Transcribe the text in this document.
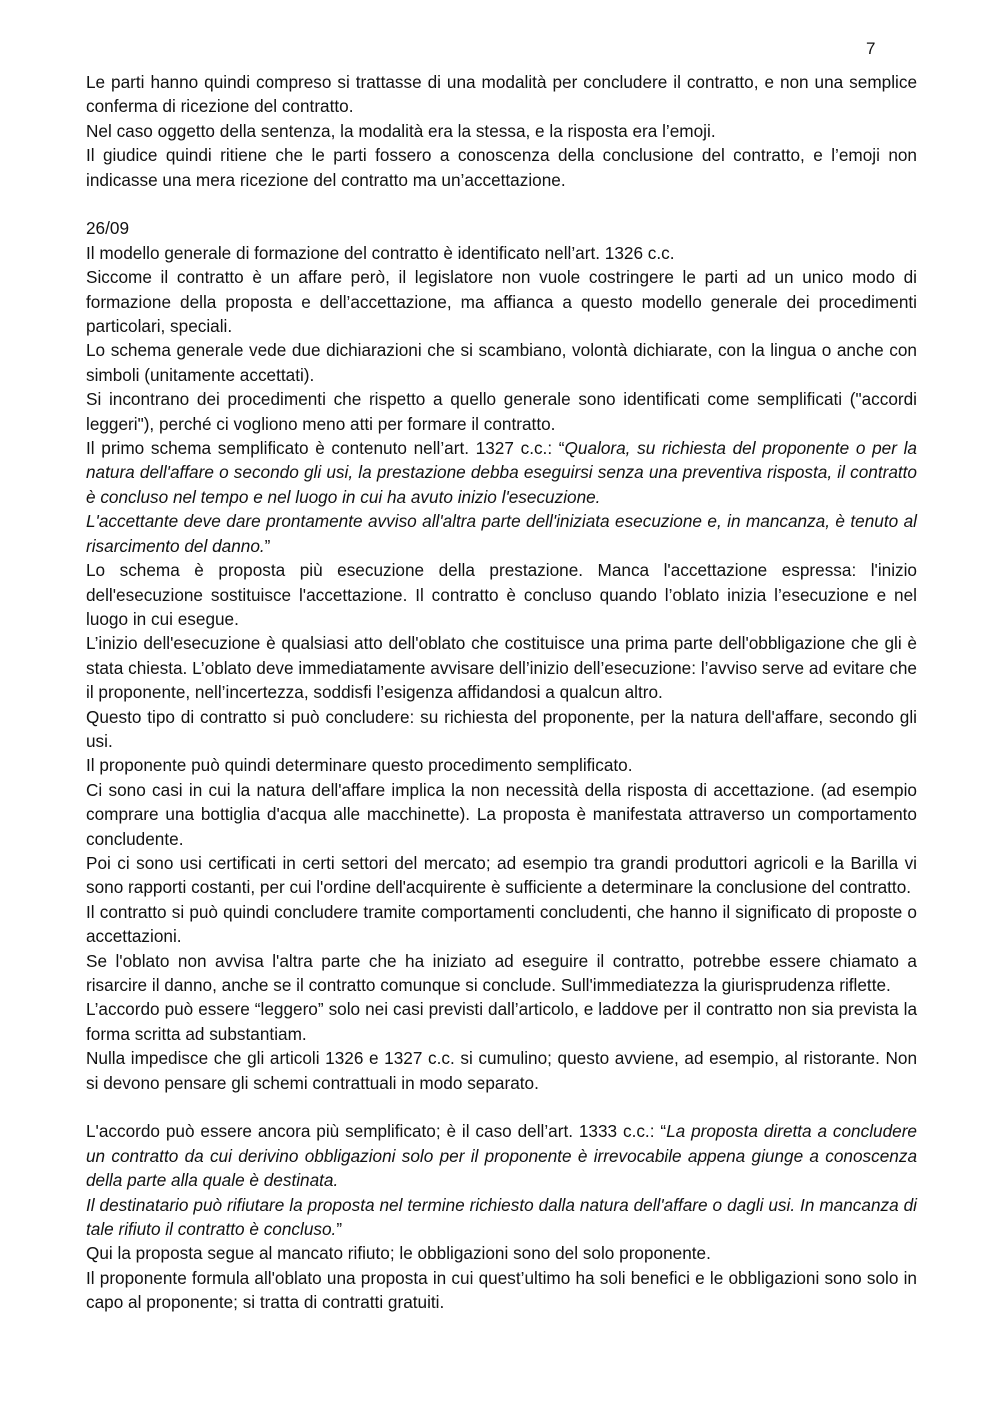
7

Le parti hanno quindi compreso si trattasse di una modalità per concludere il contratto, e non una semplice conferma di ricezione del contratto.

Nel caso oggetto della sentenza, la modalità era la stessa, e la risposta era l’emoji.

Il giudice quindi ritiene che le parti fossero a conoscenza della conclusione del contratto, e l’emoji non indicasse una mera ricezione del contratto ma un’accettazione.

26/09

Il modello generale di formazione del contratto è identificato nell’art. 1326 c.c.

Siccome il contratto è un affare però, il legislatore non vuole costringere le parti ad un unico modo di formazione della proposta e dell’accettazione, ma affianca a questo modello generale dei procedimenti particolari, speciali.

Lo schema generale vede due dichiarazioni che si scambiano, volontà dichiarate, con la lingua o anche con simboli (unitamente accettati).

Si incontrano dei procedimenti che rispetto a quello generale sono identificati come semplificati ("accordi leggeri"), perché ci vogliono meno atti per formare il contratto.

Il primo schema semplificato è contenuto nell’art. 1327 c.c.: “Qualora, su richiesta del proponente o per la natura dell'affare o secondo gli usi, la prestazione debba eseguirsi senza una preventiva risposta, il contratto è concluso nel tempo e nel luogo in cui ha avuto inizio l'esecuzione.

L'accettante deve dare prontamente avviso all'altra parte dell'iniziata esecuzione e, in mancanza, è tenuto al risarcimento del danno.”

Lo schema è proposta più esecuzione della prestazione. Manca l'accettazione espressa: l'inizio dell'esecuzione sostituisce l'accettazione. Il contratto è concluso quando l’oblato inizia l’esecuzione e nel luogo in cui esegue.

L’inizio dell'esecuzione è qualsiasi atto dell'oblato che costituisce una prima parte dell'obbligazione che gli è stata chiesta. L’oblato deve immediatamente avvisare dell’inizio dell’esecuzione: l’avviso serve ad evitare che il proponente, nell’incertezza, soddisfi l’esigenza affidandosi a qualcun altro.

Questo tipo di contratto si può concludere: su richiesta del proponente, per la natura dell'affare, secondo gli usi.

Il proponente può quindi determinare questo procedimento semplificato.

Ci sono casi in cui la natura dell'affare implica la non necessità della risposta di accettazione. (ad esempio comprare una bottiglia d'acqua alle macchinette). La proposta è manifestata attraverso un comportamento concludente.

Poi ci sono usi certificati in certi settori del mercato; ad esempio tra grandi produttori agricoli e la Barilla vi sono rapporti costanti, per cui l'ordine dell'acquirente è sufficiente a determinare la conclusione del contratto.

Il contratto si può quindi concludere tramite comportamenti concludenti, che hanno il significato di proposte o accettazioni.

Se l'oblato non avvisa l'altra parte che ha iniziato ad eseguire il contratto, potrebbe essere chiamato a risarcire il danno, anche se il contratto comunque si conclude. Sull'immediatezza la giurisprudenza riflette.

L’accordo può essere “leggero” solo nei casi previsti dall’articolo, e laddove per il contratto non sia prevista la forma scritta ad substantiam.

Nulla impedisce che gli articoli 1326 e 1327 c.c. si cumulino; questo avviene, ad esempio, al ristorante. Non si devono pensare gli schemi contrattuali in modo separato.

L'accordo può essere ancora più semplificato; è il caso dell’art. 1333 c.c.: “La proposta diretta a concludere un contratto da cui derivino obbligazioni solo per il proponente è irrevocabile appena giunge a conoscenza della parte alla quale è destinata.

Il destinatario può rifiutare la proposta nel termine richiesto dalla natura dell'affare o dagli usi. In mancanza di tale rifiuto il contratto è concluso.”

Qui la proposta segue al mancato rifiuto; le obbligazioni sono del solo proponente.

Il proponente formula all'oblato una proposta in cui quest’ultimo ha soli benefici e le obbligazioni sono solo in capo al proponente; si tratta di contratti gratuiti.
